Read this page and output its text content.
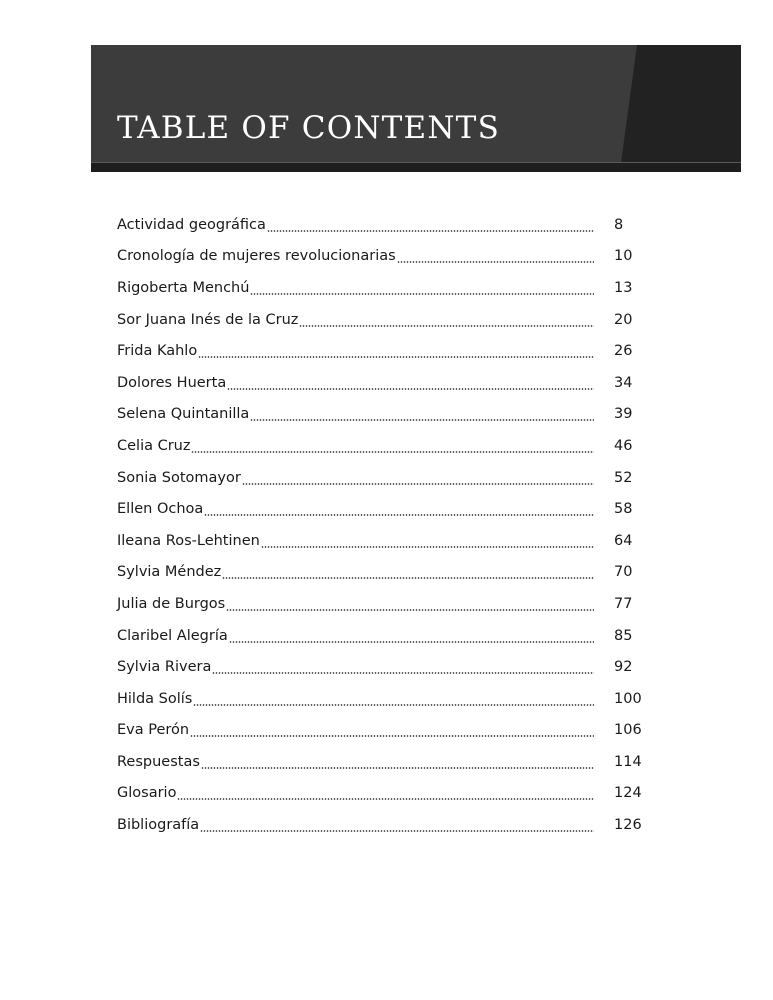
TABLE OF CONTENTS
Actividad geográfica	8
Cronología de mujeres revolucionarias	10
Rigoberta Menchú	13
Sor Juana Inés de la Cruz	20
Frida Kahlo	26
Dolores Huerta	34
Selena Quintanilla	39
Celia Cruz	46
Sonia Sotomayor	52
Ellen Ochoa	58
Ileana Ros-Lehtinen	64
Sylvia Méndez	70
Julia de Burgos	77
Claribel Alegría	85
Sylvia Rivera	92
Hilda Solís	100
Eva Perón	106
Respuestas	114
Glosario	124
Bibliografía	126
